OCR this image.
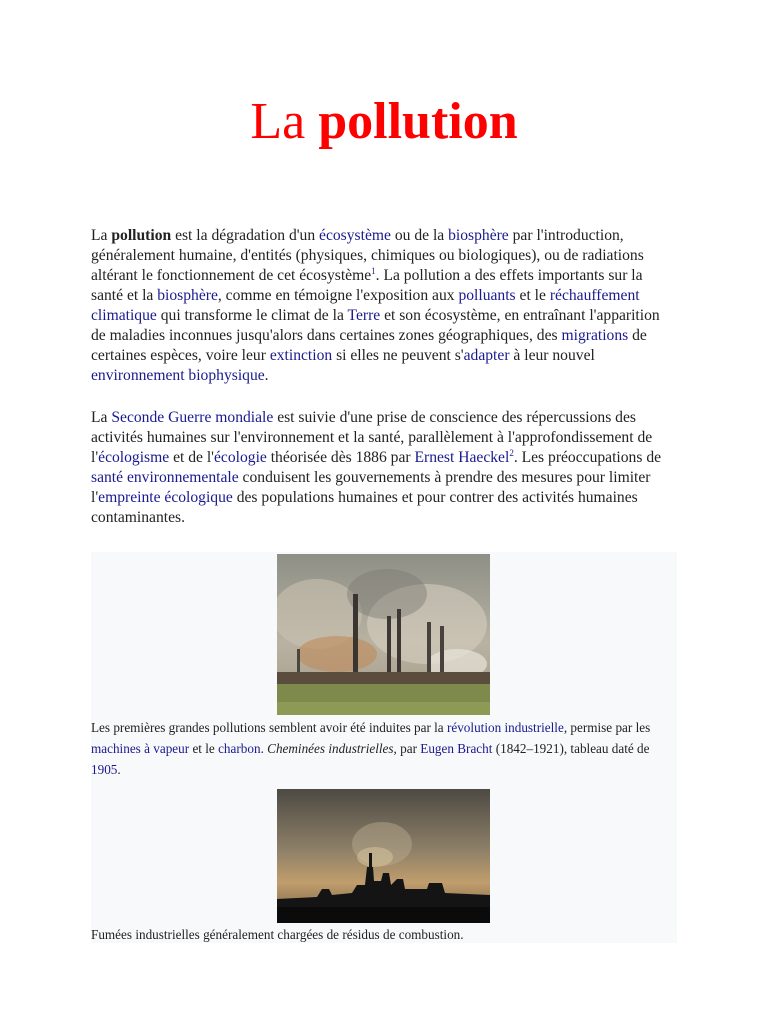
La pollution

La pollution est la dégradation d'un écosystème ou de la biosphère par l'introduction, généralement humaine, d'entités (physiques, chimiques ou biologiques), ou de radiations altérant le fonctionnement de cet écosystème$^1$. La pollution a des effets importants sur la santé et la biosphère, comme en témoigne l'exposition aux polluants et le réchauffement climatique qui transforme le climat de la Terre et son écosystème, en entraînant l'apparition de maladies inconnues jusqu'alors dans certaines zones géographiques, des migrations de certaines espèces, voire leur extinction si elles ne peuvent s'adapter à leur nouvel environnement biophysique.

La Seconde Guerre mondiale est suivie d'une prise de conscience des répercussions des activités humaines sur l'environnement et la santé, parallèlement à l'approfondissement de l'écologisme et de l'écologie théorisée dès 1886 par Ernest Haeckel$^2$. Les préoccupations de santé environnementale conduisent les gouvernements à prendre des mesures pour limiter l'empreinte écologique des populations humaines et pour contrer des activités humaines contaminantes.

Les premières grandes pollutions semblent avoir été induites par la révolution industrielle, permise par les machines à vapeur et le charbon. Cheminées industrielles, par Eugen Bracht (1842–1921), tableau daté de 1905.

Fumées industrielles généralement chargées de résidus de combustion.
